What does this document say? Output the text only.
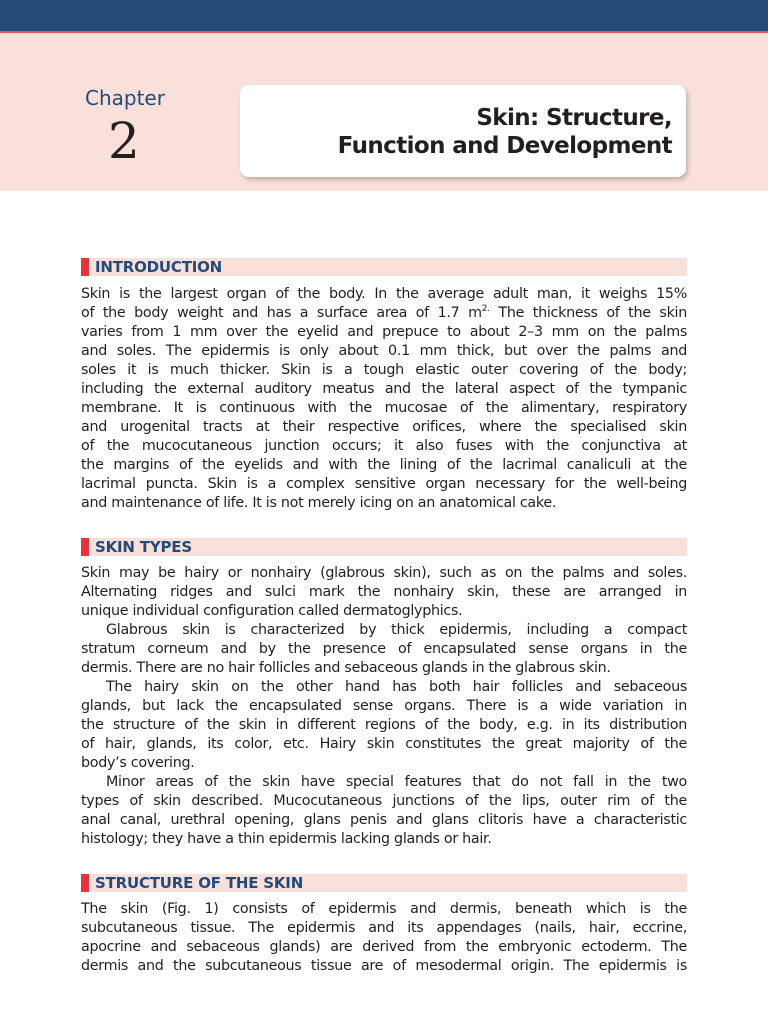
Chapter
2	Skin: Structure,
Function and Development
INTRODUCTION
Skin is the largest organ of the body. In the average adult man, it weighs 15%
of the body weight and has a surface area of 1.7 $m^{2.}$ The thickness of the skin
varies from 1 mm over the eyelid and prepuce to about 2–3 mm on the palms
and soles. The epidermis is only about 0.1 mm thick, but over the palms and
soles it is much thicker. Skin is a tough elastic outer covering of the body;
including the external auditory meatus and the lateral aspect of the tympanic
membrane. It is continuous with the mucosae of the alimentary, respiratory
and urogenital tracts at their respective orifices, where the specialised skin
of the mucocutaneous junction occurs; it also fuses with the conjunctiva at
the margins of the eyelids and with the lining of the lacrimal canaliculi at the
lacrimal puncta. Skin is a complex sensitive organ necessary for the well-being
and maintenance of life. It is not merely icing on an anatomical cake.
SKIN TYPES
Skin may be hairy or nonhairy (glabrous skin), such as on the palms and soles.
Alternating ridges and sulci mark the nonhairy skin, these are arranged in
unique individual configuration called dermatoglyphics.
Glabrous skin is characterized by thick epidermis, including a compact
stratum corneum and by the presence of encapsulated sense organs in the
dermis. There are no hair follicles and sebaceous glands in the glabrous skin.
The hairy skin on the other hand has both hair follicles and sebaceous
glands, but lack the encapsulated sense organs. There is a wide variation in
the structure of the skin in different regions of the body, e.g. in its distribution
of hair, glands, its color, etc. Hairy skin constitutes the great majority of the
body’s covering.
Minor areas of the skin have special features that do not fall in the two
types of skin described. Mucocutaneous junctions of the lips, outer rim of the
anal canal, urethral opening, glans penis and glans clitoris have a characteristic
histology; they have a thin epidermis lacking glands or hair.
STRUCTURE OF THE SKIN
The skin (Fig. 1) consists of epidermis and dermis, beneath which is the
subcutaneous tissue. The epidermis and its appendages (nails, hair, eccrine,
apocrine and sebaceous glands) are derived from the embryonic ectoderm. The
dermis and the subcutaneous tissue are of mesodermal origin. The epidermis is
